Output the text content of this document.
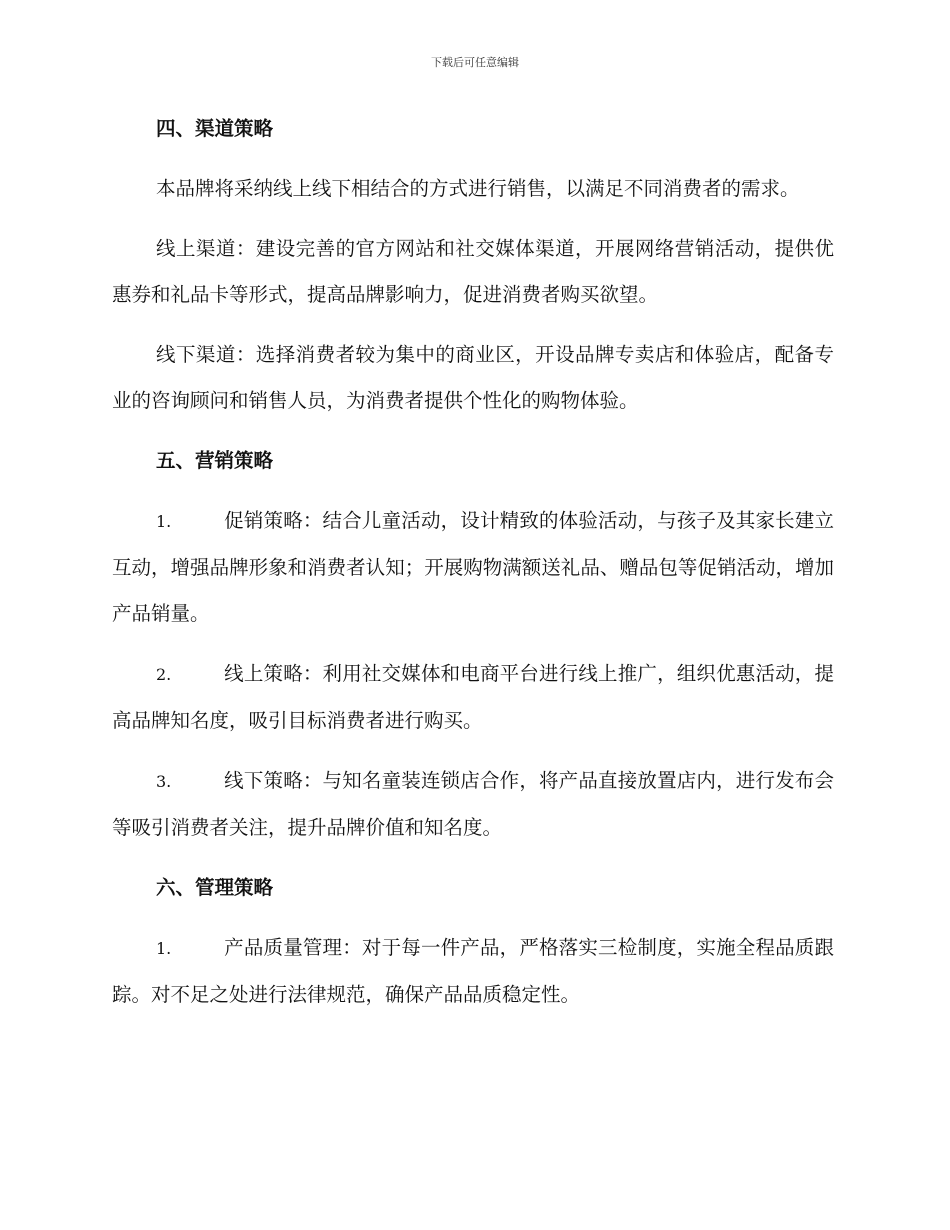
下载后可任意编辑
四、渠道策略
本品牌将采纳线上线下相结合的方式进行销售，以满足不同消费者的需求。
线上渠道：建设完善的官方网站和社交媒体渠道，开展网络营销活动，提供优惠券和礼品卡等形式，提高品牌影响力，促进消费者购买欲望。
线下渠道：选择消费者较为集中的商业区，开设品牌专卖店和体验店，配备专业的咨询顾问和销售人员，为消费者提供个性化的购物体验。
五、营销策略
1.	促销策略：结合儿童活动，设计精致的体验活动，与孩子及其家长建立互动，增强品牌形象和消费者认知；开展购物满额送礼品、赠品包等促销活动，增加产品销量。
2.	线上策略：利用社交媒体和电商平台进行线上推广，组织优惠活动，提高品牌知名度，吸引目标消费者进行购买。
3.	线下策略：与知名童装连锁店合作，将产品直接放置店内，进行发布会等吸引消费者关注，提升品牌价值和知名度。
六、管理策略
1.	产品质量管理：对于每一件产品，严格落实三检制度，实施全程品质跟踪。对不足之处进行法律规范，确保产品品质稳定性。
